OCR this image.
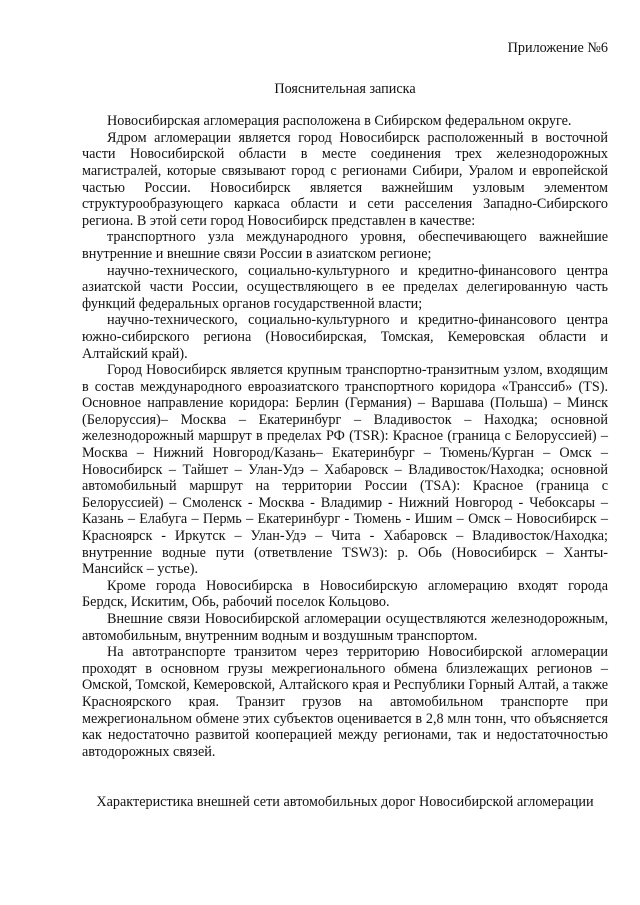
Приложение №6
Пояснительная записка

Новосибирская агломерация расположена в Сибирском федеральном округе.

Ядром агломерации является город Новосибирск расположенный в восточной части Новосибирской области в месте соединения трех железнодорожных магистралей, которые связывают город с регионами Сибири, Уралом и европейской частью России. Новосибирск является важнейшим узловым элементом структурообразующего каркаса области и сети расселения Западно-Сибирского региона. В этой сети город Новосибирск представлен в качестве:

транспортного узла международного уровня, обеспечивающего важнейшие внутренние и внешние связи России в азиатском регионе;

научно-технического, социально-культурного и кредитно-финансового центра азиатской части России, осуществляющего в ее пределах делегированную часть функций федеральных органов государственной власти;

научно-технического, социально-культурного и кредитно-финансового центра южно-сибирского региона (Новосибирская, Томская, Кемеровская области и Алтайский край).

Город Новосибирск является крупным транспортно-транзитным узлом, входящим в состав международного евроазиатского транспортного коридора «Транссиб» (TS). Основное направление коридора: Берлин (Германия) – Варшава (Польша) – Минск (Белоруссия)– Москва – Екатеринбург – Владивосток – Находка; основной железнодорожный маршрут в пределах РФ (TSR): Красное (граница с Белоруссией) – Москва – Нижний Новгород/Казань– Екатеринбург – Тюмень/Курган – Омск – Новосибирск – Тайшет – Улан-Удэ – Хабаровск – Владивосток/Находка; основной автомобильный маршрут на территории России (TSA): Красное (граница с Белоруссией) – Смоленск - Москва - Владимир - Нижний Новгород - Чебоксары – Казань – Елабуга – Пермь – Екатеринбург - Тюмень - Ишим – Омск – Новосибирск – Красноярск - Иркутск – Улан-Удэ – Чита - Хабаровск – Владивосток/Находка; внутренние водные пути (ответвление TSW3): р. Обь (Новосибирск – Ханты-Мансийск – устье).

Кроме города Новосибирска в Новосибирскую агломерацию входят города Бердск, Искитим, Обь, рабочий поселок Кольцово.

Внешние связи Новосибирской агломерации осуществляются железнодорожным, автомобильным, внутренним водным и воздушным транспортом.

На автотранспорте транзитом через территорию Новосибирской агломерации проходят в основном грузы межрегионального обмена близлежащих регионов – Омской, Томской, Кемеровской, Алтайского края и Республики Горный Алтай, а также Красноярского края. Транзит грузов на автомобильном транспорте при межрегиональном обмене этих субъектов оценивается в 2,8 млн тонн, что объясняется как недостаточно развитой кооперацией между регионами, так и недостаточностью автодорожных связей.

Характеристика внешней сети автомобильных дорог Новосибирской агломерации
